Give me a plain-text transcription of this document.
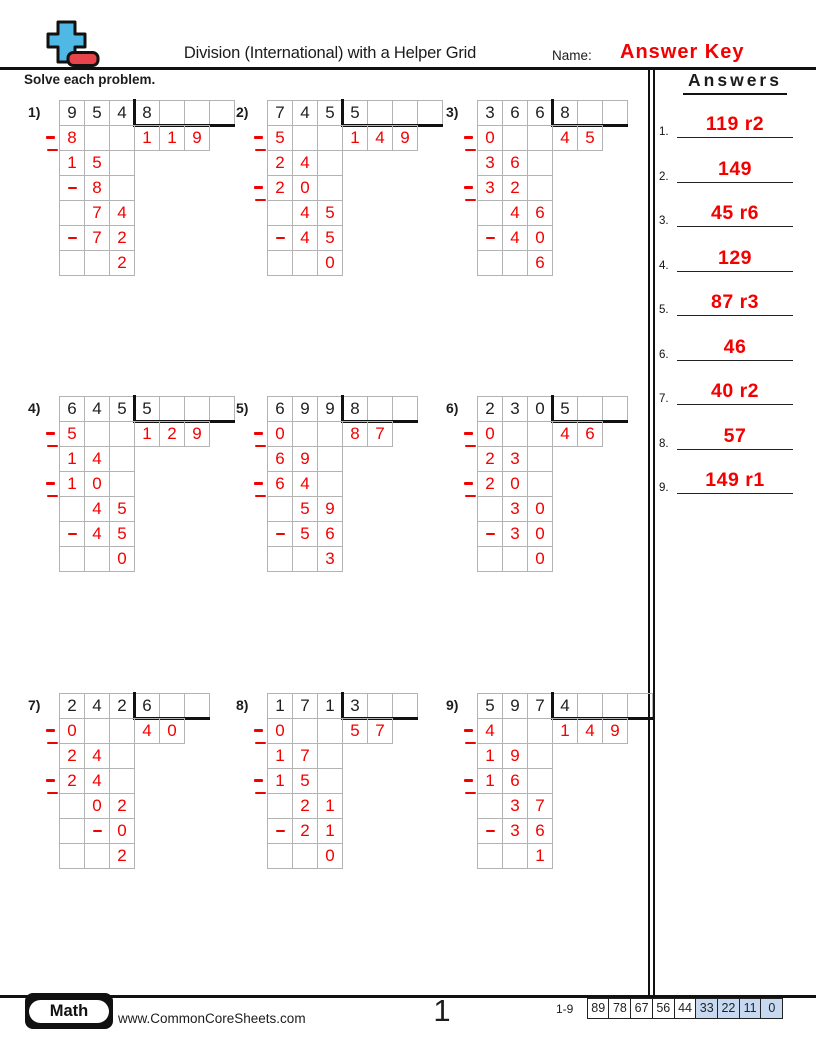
Division (International) with a Helper Grid	Name: Answer Key
Solve each problem.	Answers
1.	119 r2
2.	149
3.	45 r6
4.	129
5.	87 r3
6.	46
7.	40 r2
8.	57
9.	149 r1
1)	9 5 4 8
8	1 1 9
1 5
8
7 4
7 2
2
2)	7 4 5 5
5	1 4 9
2 4
2 0
4 5
4 5
0
3)	3 6 6 8
0	4 5
3 6
3 2
4 6
4 0
6
4)	6 4 5 5
5	1 2 9
1 4
1 0
4 5
4 5
0
5)	6 9 9 8
0	8 7
6 9
6 4
5 9
5 6
3
6)	2 3 0 5
0	4 6
2 3
2 0
3 0
3 0
0
7)	2 4 2 6
0	4 0
2 4
2 4
0 2
0
2
8)	1 7 1 3
0	5 7
1 7
1 5
2 1
2 1
0
9)	5 9 7 4
4	1 4 9
1 9
1 6
3 7
3 6
1
Math	www.CommonCoreSheets.com	1	1-9	89 78 67 56 44 33 22 11 0
